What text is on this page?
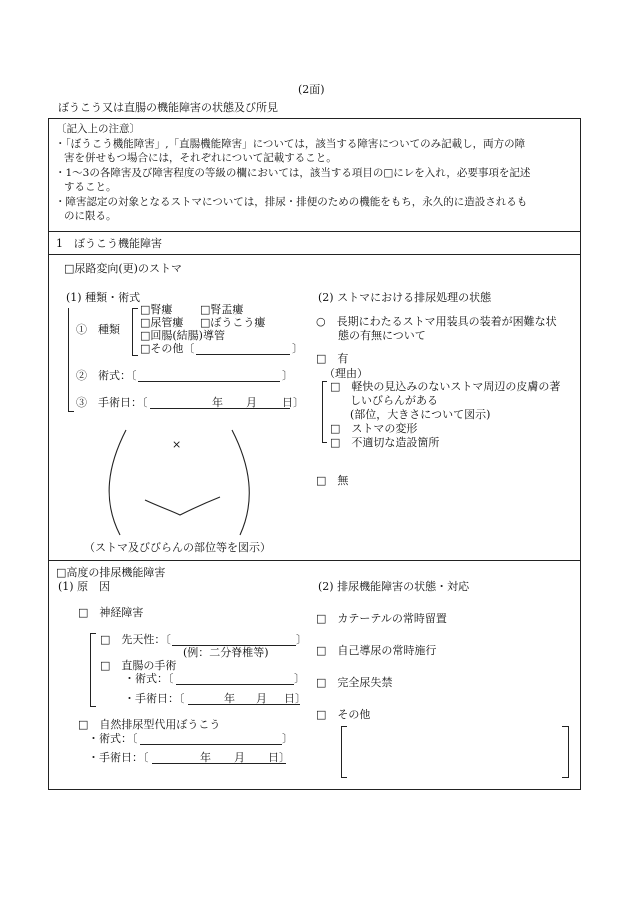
(2面)
ぼうこう又は直腸の機能障害の状態及び所見
〔記入上の注意〕
・「ぼうこう機能障害」,「直腸機能障害」については，該当する障害についてのみ記載し，両方の障
害を併せもつ場合には，それぞれについて記載すること。
・1～3の各障害及び障害程度の等級の欄においては，該当する項目の□にレを入れ，必要事項を記述
すること。
・障害認定の対象となるストマについては，排尿・排便のための機能をもち，永久的に造設されるも
のに限る。
1　ぼうこう機能障害
□尿路変向(更)のストマ
(1) 種類・術式
①　種類
□腎瘻	□腎盂瘻
□尿管瘻 □ぼうこう瘻
□回腸(結腸)導管
□その他〔	〕
②　術式：〔	〕
③　手術日：〔	年 月 日〕
×
（ストマ及びびらんの部位等を図示）
(2) ストマにおける排尿処理の状態
○　長期にわたるストマ用装具の装着が困難な状
態の有無について
□　有
（理由）
□　軽快の見込みのないストマ周辺の皮膚の著
しいびらんがある
(部位，大きさについて図示)
□　ストマの変形
□　不適切な造設箇所
□　無
□高度の排尿機能障害
(1) 原　因
□　神経障害
□　先天性：〔	〕
(例：二分脊椎等)
□　直腸の手術
・術式：〔	〕
・手術日：〔	年 月 日〕
□　自然排尿型代用ぼうこう
・術式：〔	〕
・手術日：〔	年 月 日〕
(2) 排尿機能障害の状態・対応
□　カテーテルの常時留置
□　自己導尿の常時施行
□　完全尿失禁
□　その他
